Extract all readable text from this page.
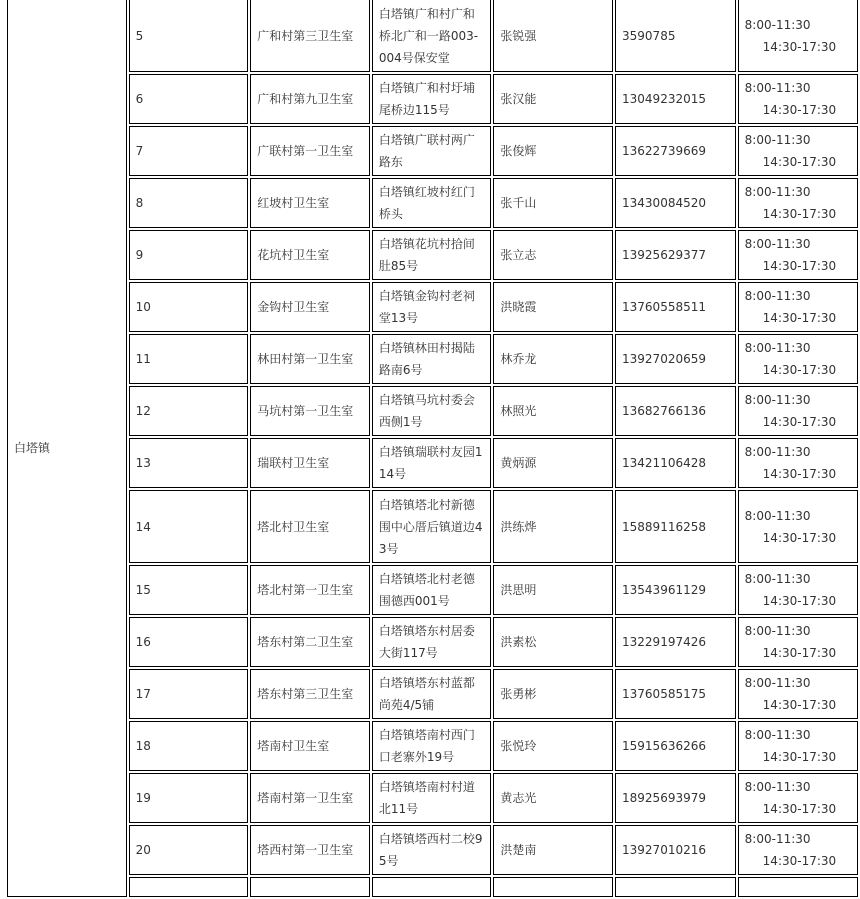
白塔镇	5	广和村第三卫生室	白塔镇广和村广和桥北广和一路003-004号保安堂	张锐强	3590785	8:00-11:30
14:30-17:30

	6	广和村第九卫生室	白塔镇广和村圩埔尾桥边115号	张汉能	13049232015	8:00-11:30
14:30-17:30

	7	广联村第一卫生室	白塔镇广联村两广路东	张俊辉	13622739669	8:00-11:30
14:30-17:30

	8	红坡村卫生室	白塔镇红坡村红门桥头	张千山	13430084520	8:00-11:30
14:30-17:30

	9	花坑村卫生室	白塔镇花坑村拾间肚85号	张立志	13925629377	8:00-11:30
14:30-17:30

	10	金钩村卫生室	白塔镇金钩村老祠堂13号	洪晓霞	13760558511	8:00-11:30
14:30-17:30

	11	林田村第一卫生室	白塔镇林田村揭陆路南6号	林乔龙	13927020659	8:00-11:30
14:30-17:30

	12	马坑村第一卫生室	白塔镇马坑村委会西侧1号	林照光	13682766136	8:00-11:30
14:30-17:30

	13	瑞联村卫生室	白塔镇瑞联村友园114号	黄炳源	13421106428	8:00-11:30
14:30-17:30

	14	塔北村卫生室	白塔镇塔北村新德围中心厝后镇道边43号	洪练烨	15889116258	8:00-11:30
14:30-17:30

	15	塔北村第一卫生室	白塔镇塔北村老德围德西001号	洪思明	13543961129	8:00-11:30
14:30-17:30

	16	塔东村第二卫生室	白塔镇塔东村居委大街117号	洪素松	13229197426	8:00-11:30
14:30-17:30

	17	塔东村第三卫生室	白塔镇塔东村蓝都尚苑4/5铺	张勇彬	13760585175	8:00-11:30
14:30-17:30

	18	塔南村卫生室	白塔镇塔南村西门口老寨外19号	张悦玲	15915636266	8:00-11:30
14:30-17:30

	19	塔南村第一卫生室	白塔镇塔南村村道北11号	黄志光	18925693979	8:00-11:30
14:30-17:30

	20	塔西村第一卫生室	白塔镇塔西村二校95号	洪楚南	13927010216	8:00-11:30
14:30-17:30
